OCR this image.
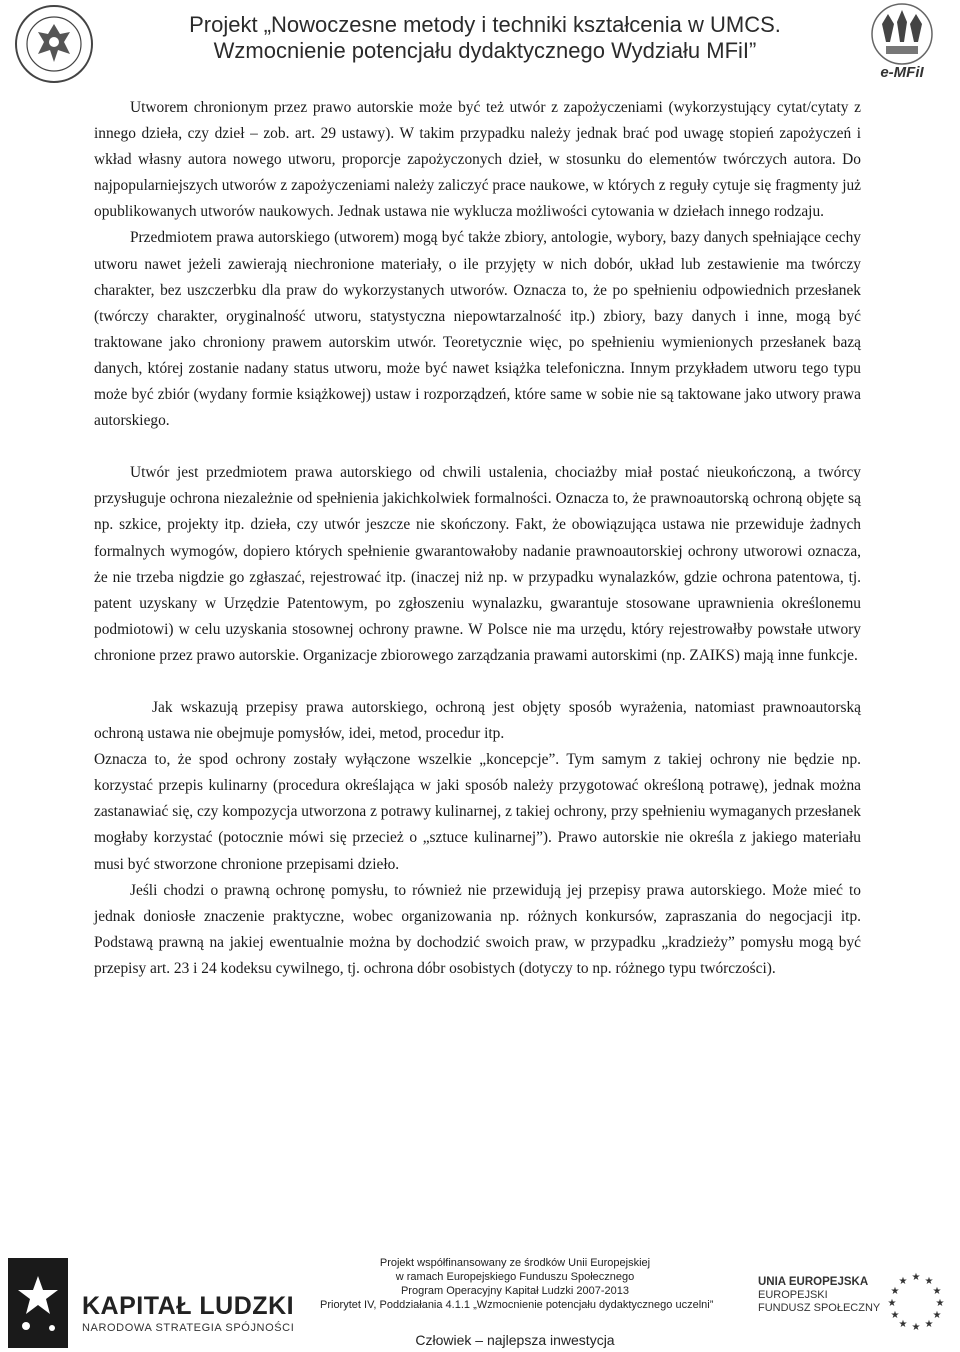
Projekt „Nowoczesne metody i techniki kształcenia w UMCS.
Wzmocnienie potencjału dydaktycznego Wydziału MFiI”
e-MFiI

Utworem chronionym przez prawo autorskie może być też utwór z zapożyczeniami (wykorzystujący cytat/cytaty z innego dzieła, czy dzieł – zob. art. 29 ustawy). W takim przypadku należy jednak brać pod uwagę stopień zapożyczeń i wkład własny autora nowego utworu, proporcje zapożyczonych dzieł, w stosunku do elementów twórczych autora. Do najpopularniejszych utworów z zapożyczeniami należy zaliczyć prace naukowe, w których z reguły cytuje się fragmenty już opublikowanych utworów naukowych. Jednak ustawa nie wyklucza możliwości cytowania w dziełach innego rodzaju.

Przedmiotem prawa autorskiego (utworem) mogą być także zbiory, antologie, wybory, bazy danych spełniające cechy utworu nawet jeżeli zawierają niechronione materiały, o ile przyjęty w nich dobór, układ lub zestawienie ma twórczy charakter, bez uszczerbku dla praw do wykorzystanych utworów. Oznacza to, że po spełnieniu odpowiednich przesłanek (twórczy charakter, oryginalność utworu, statystyczna niepowtarzalność itp.) zbiory, bazy danych i inne, mogą być traktowane jako chroniony prawem autorskim utwór. Teoretycznie więc, po spełnieniu wymienionych przesłanek bazą danych, której zostanie nadany status utworu, może być nawet książka telefoniczna. Innym przykładem utworu tego typu może być zbiór (wydany formie książkowej) ustaw i rozporządzeń, które same w sobie nie są taktowane jako utwory prawa autorskiego.

Utwór jest przedmiotem prawa autorskiego od chwili ustalenia, chociażby miał postać nieukończoną, a twórcy przysługuje ochrona niezależnie od spełnienia jakichkolwiek formalności. Oznacza to, że prawnoautorską ochroną objęte są np. szkice, projekty itp. dzieła, czy utwór jeszcze nie skończony. Fakt, że obowiązująca ustawa nie przewiduje żadnych formalnych wymogów, dopiero których spełnienie gwarantowałoby nadanie prawnoautorskiej ochrony utworowi oznacza, że nie trzeba nigdzie go zgłaszać, rejestrować itp. (inaczej niż np. w przypadku wynalazków, gdzie ochrona patentowa, tj. patent uzyskany w Urzędzie Patentowym, po zgłoszeniu wynalazku, gwarantuje stosowane uprawnienia określonemu podmiotowi) w celu uzyskania stosownej ochrony prawne. W Polsce nie ma urzędu, który rejestrowałby powstałe utwory chronione przez prawo autorskie. Organizacje zbiorowego zarządzania prawami autorskimi (np. ZAIKS) mają inne funkcje.

Jak wskazują przepisy prawa autorskiego, ochroną jest objęty sposób wyrażenia, natomiast prawnoautorską ochroną ustawa nie obejmuje pomysłów, idei, metod, procedur itp.

Oznacza to, że spod ochrony zostały wyłączone wszelkie „koncepcje”. Tym samym z takiej ochrony nie będzie np. korzystać przepis kulinarny (procedura określająca w jaki sposób należy przygotować określoną potrawę), jednak można zastanawiać się, czy kompozycja utworzona z potrawy kulinarnej, z takiej ochrony, przy spełnieniu wymaganych przesłanek mogłaby korzystać (potocznie mówi się przecież o „sztuce kulinarnej”). Prawo autorskie nie określa z jakiego materiału musi być stworzone chronione przepisami dzieło.

Jeśli chodzi o prawną ochronę pomysłu, to również nie przewidują jej przepisy prawa autorskiego. Może mieć to jednak doniosłe znaczenie praktyczne, wobec organizowania np. różnych konkursów, zapraszania do negocjacji itp. Podstawą prawną na jakiej ewentualnie można by dochodzić swoich praw, w przypadku „kradzieży” pomysłu mogą być przepisy art. 23 i 24 kodeksu cywilnego, tj. ochrona dóbr osobistych (dotyczy to np. różnego typu twórczości).

KAPITAŁ LUDZKI
NARODOWA STRATEGIA SPÓJNOŚCI
Projekt współfinansowany ze środków Unii Europejskiej
w ramach Europejskiego Funduszu Społecznego
Program Operacyjny Kapitał Ludzki 2007-2013
Priorytet IV, Poddziałania 4.1.1 „Wzmocnienie potencjału dydaktycznego uczelni”
Człowiek – najlepsza inwestycja
UNIA EUROPEJSKA
EUROPEJSKI
FUNDUSZ SPOŁECZNY
★ ★
★
★
★
★
★
★
★
★
★
★
